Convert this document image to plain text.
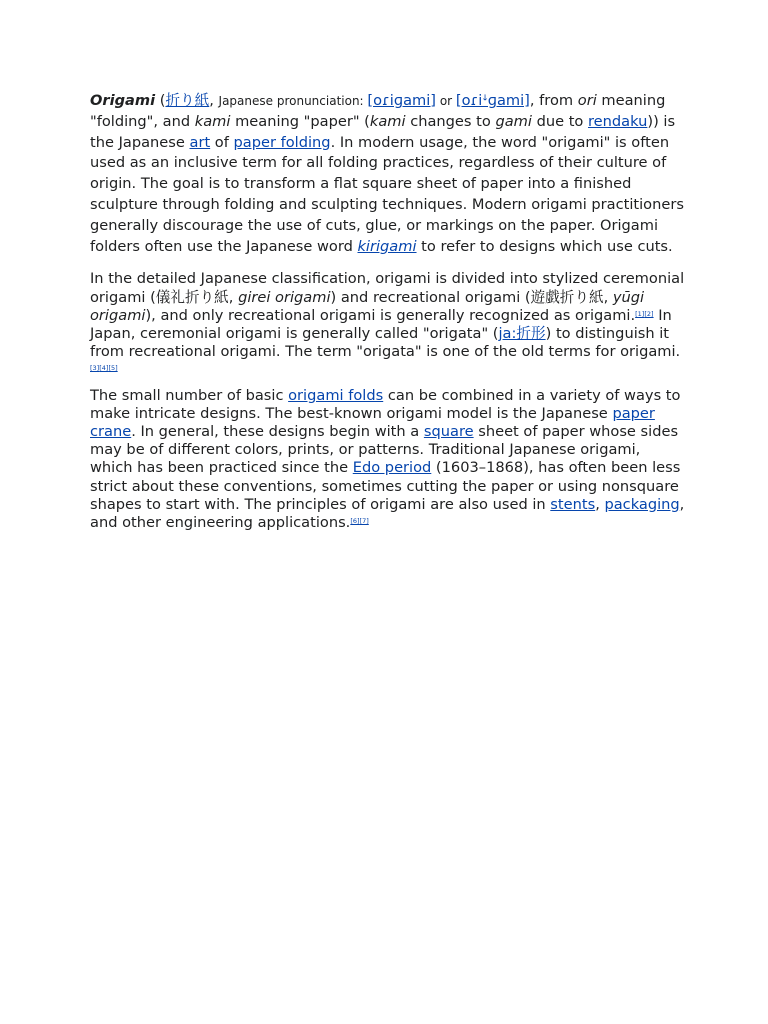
Origami (折り紙, Japanese pronunciation: [oɾiɡami] or [oɾiꜜɡami], from ori meaning "folding", and kami meaning "paper" (kami changes to gami due to rendaku)) is the Japanese art of paper folding. In modern usage, the word "origami" is often used as an inclusive term for all folding practices, regardless of their culture of origin. The goal is to transform a flat square sheet of paper into a finished sculpture through folding and sculpting techniques. Modern origami practitioners generally discourage the use of cuts, glue, or markings on the paper. Origami folders often use the Japanese word kirigami to refer to designs which use cuts.

In the detailed Japanese classification, origami is divided into stylized ceremonial origami (儀礼折り紙, girei origami) and recreational origami (遊戯折り紙, yūgi origami), and only recreational origami is generally recognized as origami.[1][2] In Japan, ceremonial origami is generally called "origata" (ja:折形) to distinguish it from recreational origami. The term "origata" is one of the old terms for origami.[3][4][5]

The small number of basic origami folds can be combined in a variety of ways to make intricate designs. The best-known origami model is the Japanese paper crane. In general, these designs begin with a square sheet of paper whose sides may be of different colors, prints, or patterns. Traditional Japanese origami, which has been practiced since the Edo period (1603–1868), has often been less strict about these conventions, sometimes cutting the paper or using nonsquare shapes to start with. The principles of origami are also used in stents, packaging, and other engineering applications.[6][7]
